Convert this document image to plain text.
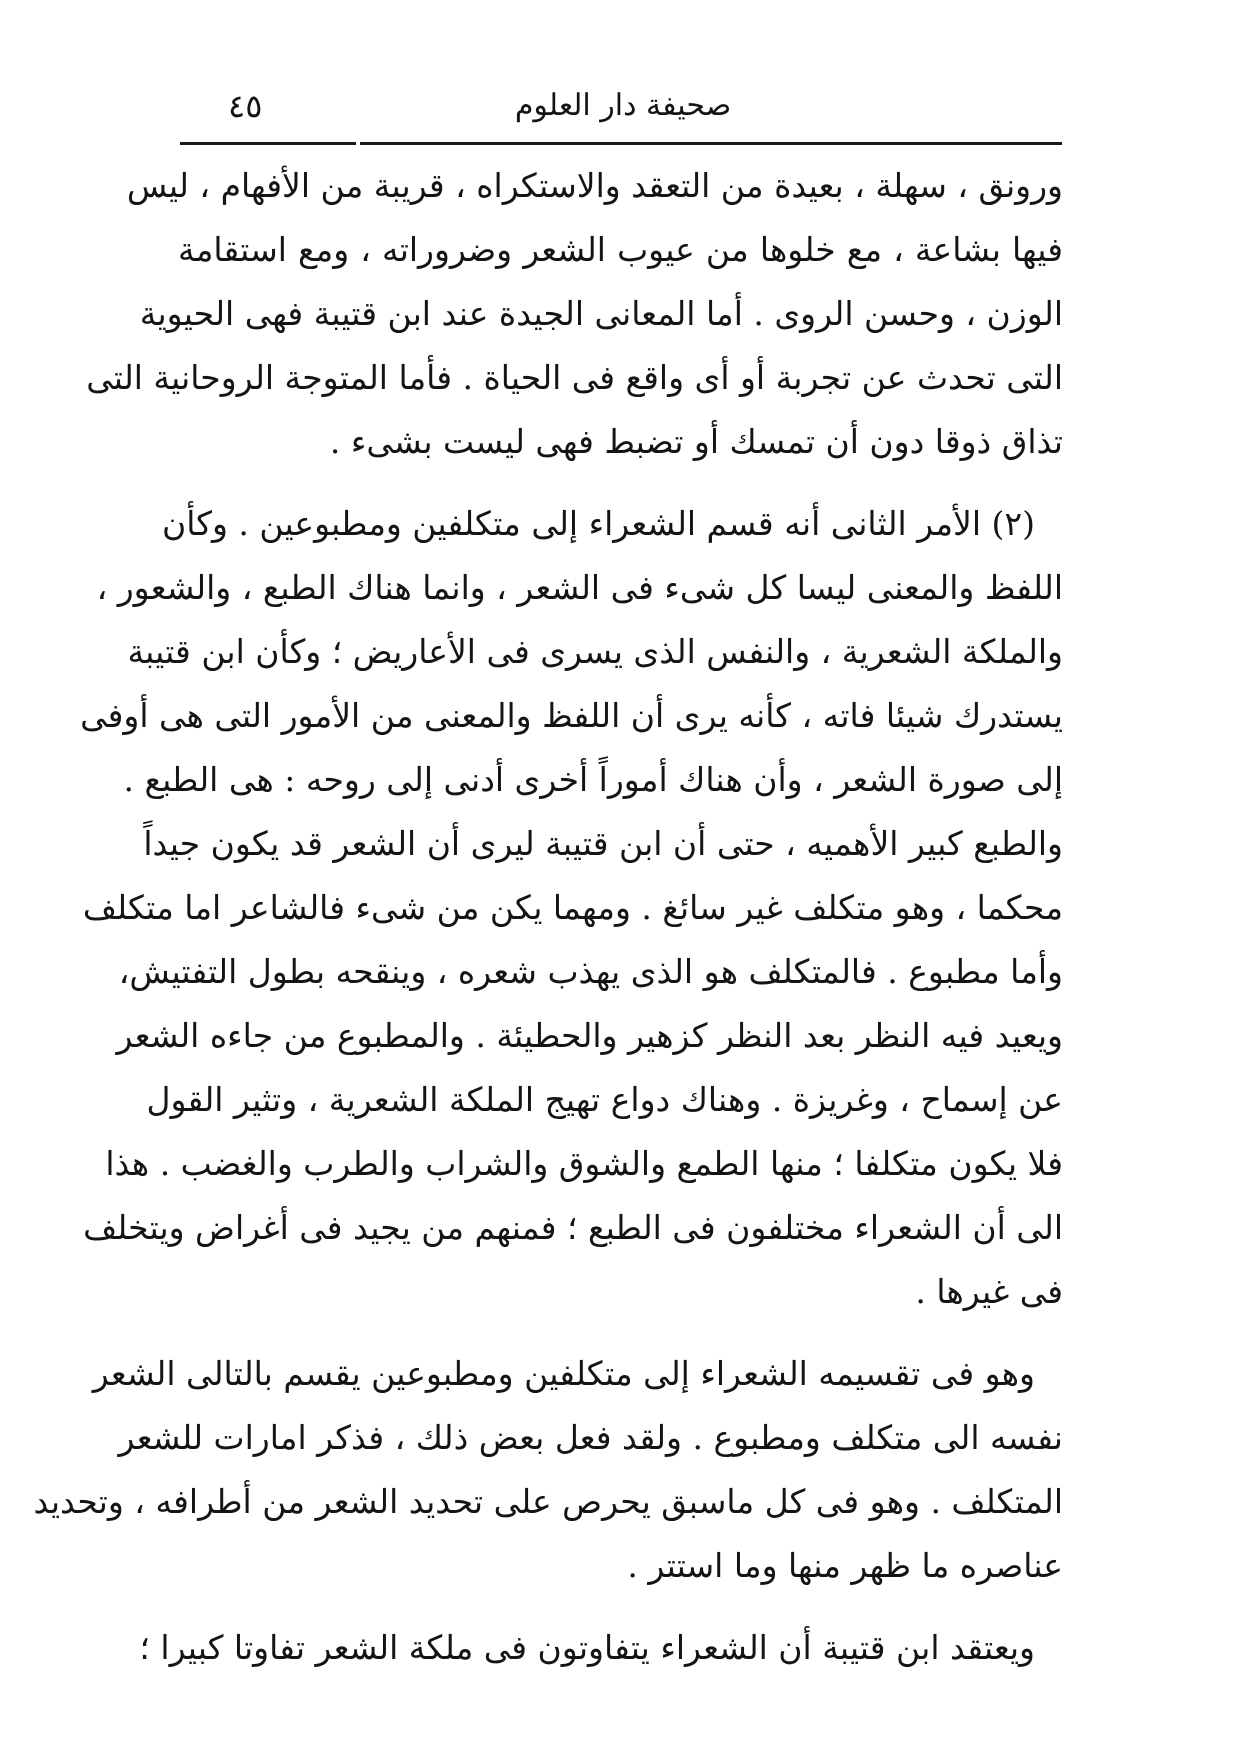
صحيفة دار العلوم
٤٥
ورونق ، سهلة ، بعيدة من التعقد والاستكراه ، قريبة من الأفهام ، ليس
فيها بشاعة ، مع خلوها من عيوب الشعر وضروراته ، ومع استقامة
الوزن ، وحسن الروى . أما المعانى الجيدة عند ابن قتيبة فهى الحيوية
التى تحدث عن تجربة أو أى واقع فى الحياة . فأما المتوجة الروحانية التى
تذاق ذوقا دون أن تمسك أو تضبط فهى ليست بشىء .
(٢) الأمر الثانى أنه قسم الشعراء إلى متكلفين ومطبوعين . وكأن
اللفظ والمعنى ليسا كل شىء فى الشعر ، وانما هناك الطبع ، والشعور ،
والملكة الشعرية ، والنفس الذى يسرى فى الأعاريض ؛ وكأن ابن قتيبة
يستدرك شيئا فاته ، كأنه يرى أن اللفظ والمعنى من الأمور التى هى أوفى
إلى صورة الشعر ، وأن هناك أموراً أخرى أدنى إلى روحه : هى الطبع .
والطبع كبير الأهميه ، حتى أن ابن قتيبة ليرى أن الشعر قد يكون جيداً
محكما ، وهو متكلف غير سائغ . ومهما يكن من شىء فالشاعر اما متكلف
وأما مطبوع . فالمتكلف هو الذى يهذب شعره ، وينقحه بطول التفتيش،
ويعيد فيه النظر بعد النظر كزهير والحطيئة . والمطبوع من جاءه الشعر
عن إسماح ، وغريزة . وهناك دواع تهيج الملكة الشعرية ، وتثير القول
فلا يكون متكلفا ؛ منها الطمع والشوق والشراب والطرب والغضب . هذا
الى أن الشعراء مختلفون فى الطبع ؛ فمنهم من يجيد فى أغراض ويتخلف
فى غيرها .
وهو فى تقسيمه الشعراء إلى متكلفين ومطبوعين يقسم بالتالى الشعر
نفسه الى متكلف ومطبوع . ولقد فعل بعض ذلك ، فذكر امارات للشعر
المتكلف . وهو فى كل ماسبق يحرص على تحديد الشعر من أطرافه ، وتحديد
عناصره ما ظهر منها وما استتر .
ويعتقد ابن قتيبة أن الشعراء يتفاوتون فى ملكة الشعر تفاوتا كبيرا ؛
